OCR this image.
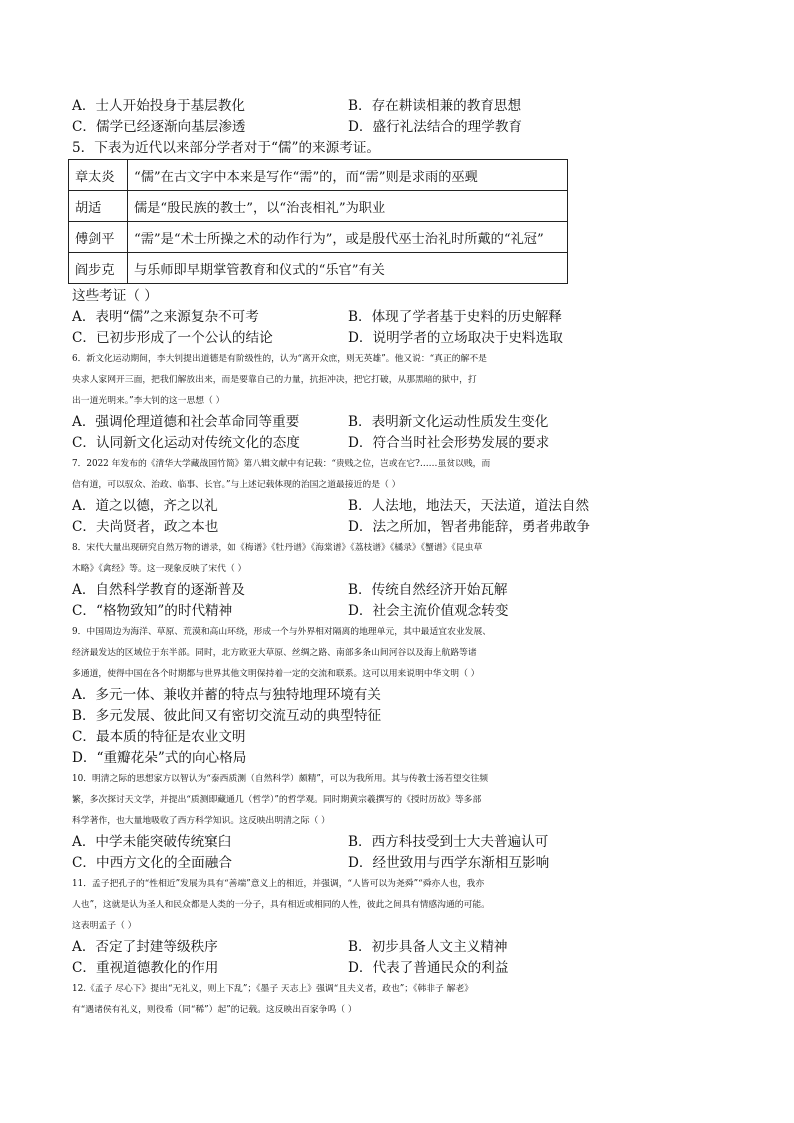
A．士人开始投身于基层教化	B．存在耕读相兼的教育思想
C．儒学已经逐渐向基层渗透	D．盛行礼法结合的理学教育
5．下表为近代以来部分学者对于“儒”的来源考证。
章太炎	“儒”在古文字中本来是写作“需”的，而“需”则是求雨的巫觋
胡适	儒是“殷民族的教士”，以“治丧相礼”为职业
傅剑平	“需”是“术士所操之术的动作行为”，或是殷代巫士治礼时所戴的“礼冠”
阎步克	与乐师即早期掌管教育和仪式的“乐官”有关
这些考证（ ）
A．表明“儒”之来源复杂不可考	B．体现了学者基于史料的历史解释
C．已初步形成了一个公认的结论	D．说明学者的立场取决于史料选取
6．新文化运动期间，李大钊提出道德是有阶级性的，认为“离开众庶，则无英雄”。他又说：“真正的解不是
央求人家网开三面，把我们解放出来，而是要靠自己的力量，抗拒冲决，把它打破，从那黑暗的狱中，打
出一道光明来。”李大钊的这一思想（ ）
A．强调伦理道德和社会革命同等重要	B．表明新文化运动性质发生变化
C．认同新文化运动对传统文化的态度	D．符合当时社会形势发展的要求
7．2022 年发布的《清华大学藏战国竹简》第八辑文献中有记载：“贵贱之位，岂或在它?……虽贫以贱，而
信有道，可以驭众、治政、临事、长官。”与上述记载体现的治国之道最接近的是（ ）
A．道之以德，齐之以礼	B．人法地，地法天，天法道，道法自然
C．夫尚贤者，政之本也	D．法之所加，智者弗能辞，勇者弗敢争
8．宋代大量出现研究自然万物的谱录，如《梅谱》《牡丹谱》《海棠谱》《荔枝谱》《橘录》《蟹谱》《昆虫草
木略》《禽经》等。这一现象反映了宋代（ ）
A．自然科学教育的逐渐普及	B．传统自然经济开始瓦解
C．“格物致知”的时代精神	D．社会主流价值观念转变
9．中国周边为海洋、草原、荒漠和高山环绕，形成一个与外界相对隔离的地理单元，其中最适宜农业发展、
经济最发达的区域位于东半部。同时，北方欧亚大草原、丝绸之路、南部多条山间河谷以及海上航路等诸
多通道，使得中国在各个时期都与世界其他文明保持着一定的交流和联系。这可以用来说明中华文明（ ）
A．多元一体、兼收并蓄的特点与独特地理环境有关
B．多元发展、彼此间又有密切交流互动的典型特征
C．最本质的特征是农业文明
D．“重瓣花朵”式的向心格局
10．明清之际的思想家方以智认为“泰西质测（自然科学）颇精”，可以为我所用。其与传教士汤若望交往频
繁，多次探讨天文学，并提出“质测即藏通几（哲学）”的哲学观。同时期黄宗羲撰写的《授时历故》等多部
科学著作，也大量地吸收了西方科学知识。这反映出明清之际（ ）
A．中学未能突破传统窠臼	B．西方科技受到士大夫普遍认可
C．中西方文化的全面融合	D．经世致用与西学东渐相互影响
11．孟子把孔子的“性相近”发展为具有“善端”意义上的相近，并强调，“人皆可以为尧舜”“舜亦人也，我亦
人也”，这就是认为圣人和民众都是人类的一分子，具有相近或相同的人性，彼此之间具有情感沟通的可能。
这表明孟子（ ）
A．否定了封建等级秩序	B．初步具备人文主义精神
C．重视道德教化的作用	D．代表了普通民众的利益
12.《孟子 尽心下》提出“无礼义，则上下乱”；《墨子 天志上》强调“且夫义者，政也”；《韩非子 解老》
有“遇诸侯有礼义，则役希（同“稀”）起”的记载。这反映出百家争鸣（ ）
